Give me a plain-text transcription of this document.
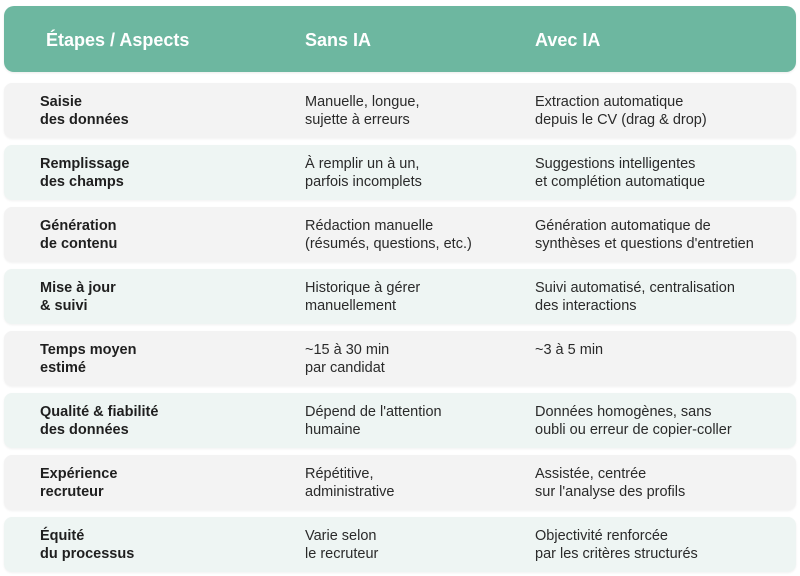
Étapes / Aspects	Sans IA	Avec IA
Saisie
des données
Manuelle, longue,
sujette à erreurs
Extraction automatique
depuis le CV (drag & drop)
Remplissage
des champs
À remplir un à un,
parfois incomplets
Suggestions intelligentes
et complétion automatique
Génération
de contenu
Rédaction manuelle
(résumés, questions, etc.)
Génération automatique de
synthèses et questions d'entretien
Mise à jour
& suivi
Historique à gérer
manuellement
Suivi automatisé, centralisation
des interactions
Temps moyen
estimé
~15 à 30 min
par candidat
~3 à 5 min
Qualité & fiabilité
des données
Dépend de l'attention
humaine
Données homogènes, sans
oubli ou erreur de copier-coller
Expérience
recruteur
Répétitive,
administrative
Assistée, centrée
sur l'analyse des profils
Équité
du processus
Varie selon
le recruteur
Objectivité renforcée
par les critères structurés
